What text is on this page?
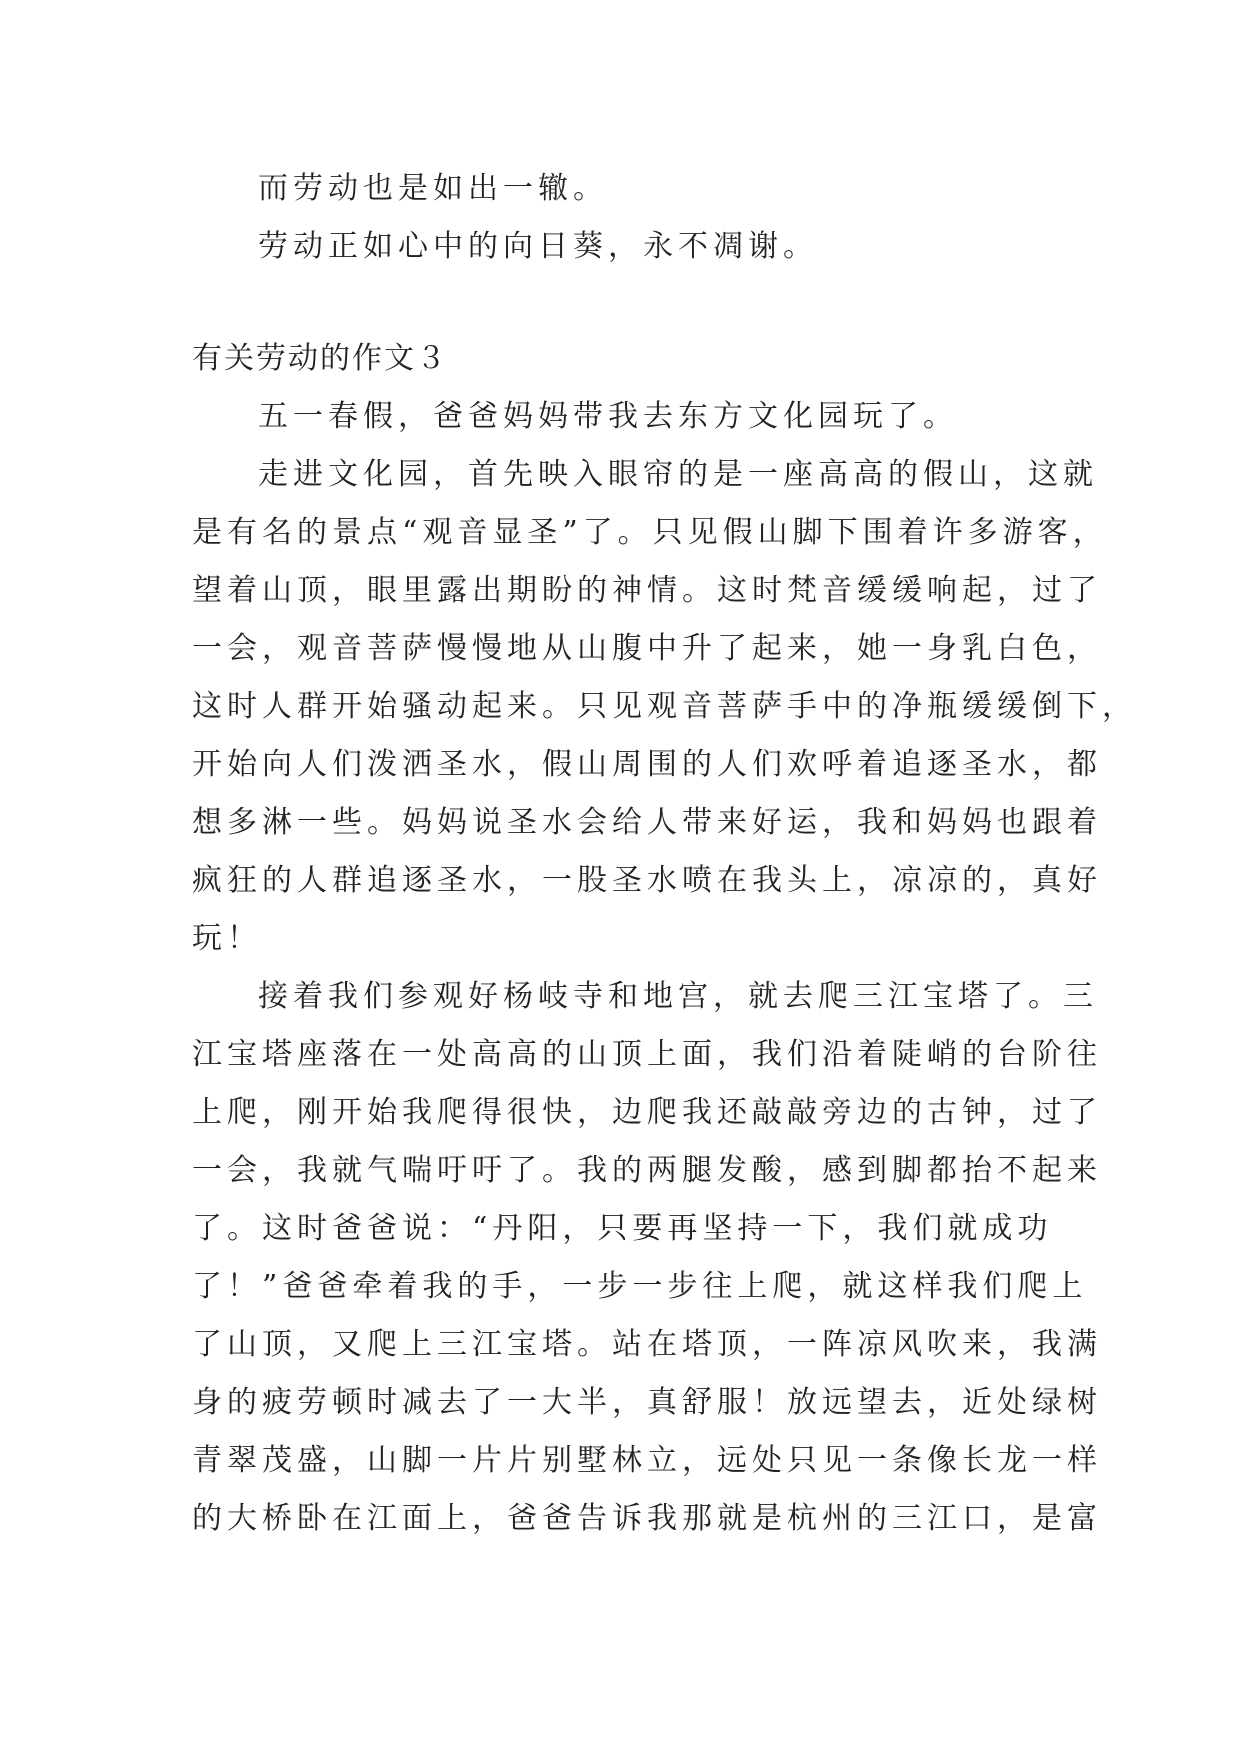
而劳动也是如出一辙。
劳动正如心中的向日葵，永不凋谢。
有关劳动的作文３
五一春假，爸爸妈妈带我去东方文化园玩了。
走进文化园，首先映入眼帘的是一座高高的假山，这就
是有名的景点“观音显圣”了。只见假山脚下围着许多游客，
望着山顶，眼里露出期盼的神情。这时梵音缓缓响起，过了
一会，观音菩萨慢慢地从山腹中升了起来，她一身乳白色，
这时人群开始骚动起来。只见观音菩萨手中的净瓶缓缓倒下，
开始向人们泼洒圣水，假山周围的人们欢呼着追逐圣水，都
想多淋一些。妈妈说圣水会给人带来好运，我和妈妈也跟着
疯狂的人群追逐圣水，一股圣水喷在我头上，凉凉的，真好
玩！
接着我们参观好杨岐寺和地宫，就去爬三江宝塔了。三
江宝塔座落在一处高高的山顶上面，我们沿着陡峭的台阶往
上爬，刚开始我爬得很快，边爬我还敲敲旁边的古钟，过了
一会，我就气喘吁吁了。我的两腿发酸，感到脚都抬不起来
了。这时爸爸说：“丹阳，只要再坚持一下，我们就成功
了！”爸爸牵着我的手，一步一步往上爬，就这样我们爬上
了山顶，又爬上三江宝塔。站在塔顶，一阵凉风吹来，我满
身的疲劳顿时减去了一大半，真舒服！放远望去，近处绿树
青翠茂盛，山脚一片片别墅林立，远处只见一条像长龙一样
的大桥卧在江面上，爸爸告诉我那就是杭州的三江口，是富
